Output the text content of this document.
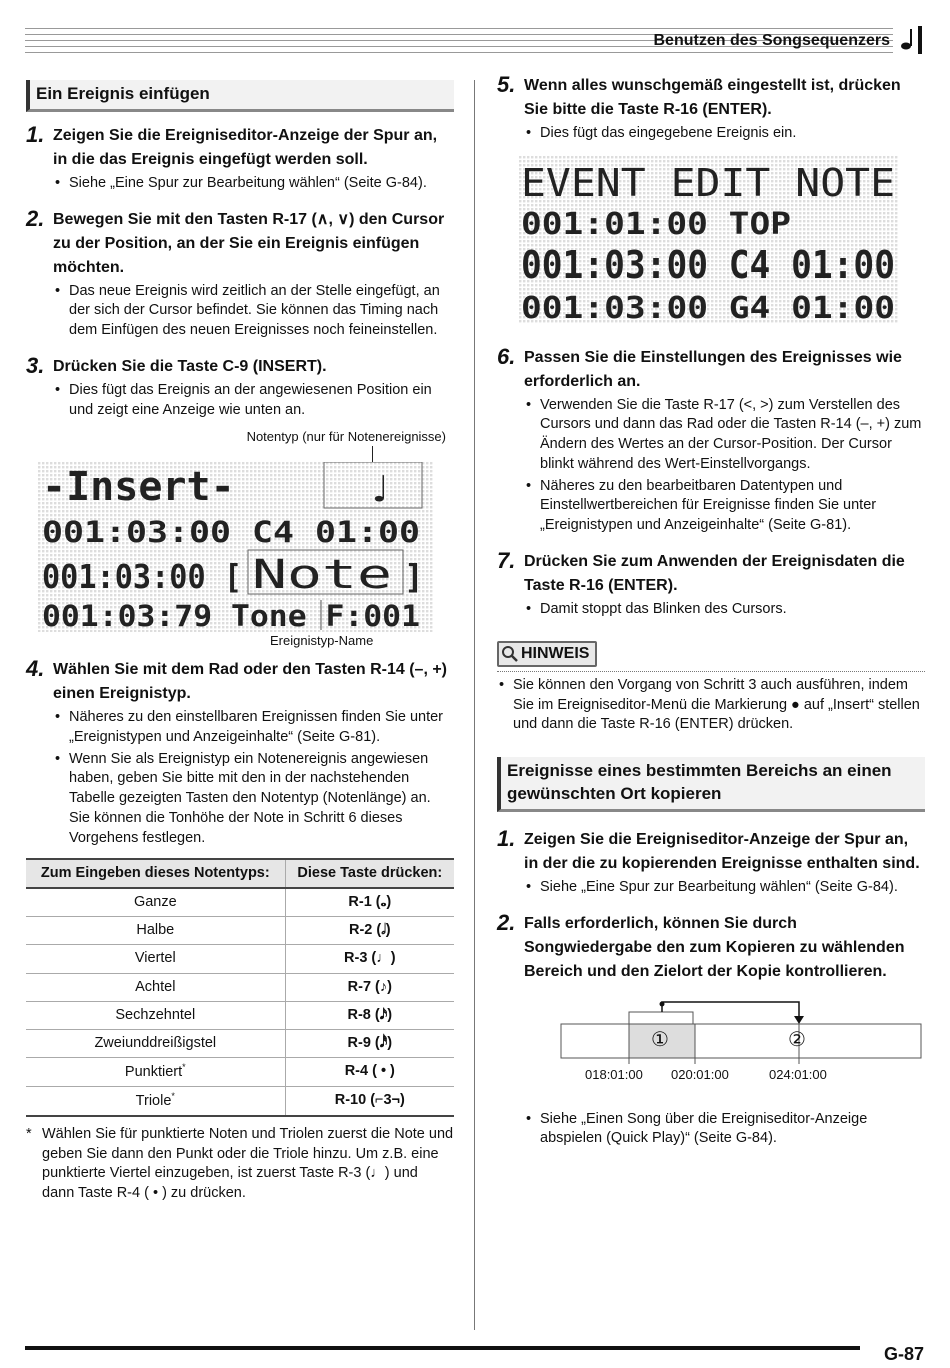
Benutzen des Songsequenzers
Ein Ereignis einfügen
1. Zeigen Sie die Ereigniseditor-Anzeige der Spur an, in die das Ereignis eingefügt werden soll.
• Siehe „Eine Spur zur Bearbeitung wählen“ (Seite G-84).
2. Bewegen Sie mit den Tasten R-17 (∧, ∨) den Cursor zu der Position, an der Sie ein Ereignis einfügen möchten.
• Das neue Ereignis wird zeitlich an der Stelle eingefügt, an der sich der Cursor befindet. Sie können das Timing nach dem Einfügen des neuen Ereignisses noch feineinstellen.
3. Drücken Sie die Taste C-9 (INSERT).
• Dies fügt das Ereignis an der angewiesenen Position ein und zeigt eine Anzeige wie unten an.
Notentyp (nur für Notenereignisse)
-Insert-	♩
001:03:00 C4 01:00
001:03:00 [ Note ]
001:03:79 Tone F:001
Ereignistyp-Name
4. Wählen Sie mit dem Rad oder den Tasten R-14 (–, +) einen Ereignistyp.
• Näheres zu den einstellbaren Ereignissen finden Sie unter „Ereignistypen und Anzeigeinhalte“ (Seite G-81).
• Wenn Sie als Ereignistyp ein Notenereignis angewiesen haben, geben Sie bitte mit den in der nachstehenden Tabelle gezeigten Tasten den Notentyp (Notenlänge) an. Sie können die Tonhöhe der Note in Schritt 6 dieses Vorgehens festlegen.
Zum Eingeben dieses Notentyps:	Diese Taste drücken:
Ganze	R-1 (𝅝)
Halbe	R-2 (𝅗𝅥)
Viertel	R-3 (♩)
Achtel	R-7 (♪)
Sechzehntel	R-8 (𝅘𝅥𝅯)
Zweiunddreißigstel	R-9 (𝅘𝅥𝅰)
Punktiert*	R-4 ( • )
Triole*	R-10 (⌐3¬)
* Wählen Sie für punktierte Noten und Triolen zuerst die Note und geben Sie dann den Punkt oder die Triole hinzu. Um z.B. eine punktierte Viertel einzugeben, ist zuerst Taste R-3 (♩) und dann Taste R-4 ( • ) zu drücken.
5. Wenn alles wunschgemäß eingestellt ist, drücken Sie bitte die Taste R-16 (ENTER).
• Dies fügt das eingegebene Ereignis ein.
EVENT EDIT NOTE
001:01:00 TOP
001:03:00 C4 01:00
001:03:00 G4 01:00
6. Passen Sie die Einstellungen des Ereignisses wie erforderlich an.
• Verwenden Sie die Taste R-17 (<, >) zum Verstellen des Cursors und dann das Rad oder die Tasten R-14 (–, +) zum Ändern des Wertes an der Cursor-Position. Der Cursor blinkt während des Wert-Einstellvorgangs.
• Näheres zu den bearbeitbaren Datentypen und Einstellwertbereichen für Ereignisse finden Sie unter „Ereignistypen und Anzeigeinhalte“ (Seite G-81).
7. Drücken Sie zum Anwenden der Ereignisdaten die Taste R-16 (ENTER).
• Damit stoppt das Blinken des Cursors.
HINWEIS
• Sie können den Vorgang von Schritt 3 auch ausführen, indem Sie im Ereigniseditor-Menü die Markierung ● auf „Insert“ stellen und dann die Taste R-16 (ENTER) drücken.
Ereignisse eines bestimmten Bereichs an einen gewünschten Ort kopieren
1. Zeigen Sie die Ereigniseditor-Anzeige der Spur an, in der die zu kopierenden Ereignisse enthalten sind.
• Siehe „Eine Spur zur Bearbeitung wählen“ (Seite G-84).
2. Falls erforderlich, können Sie durch Songwiedergabe den zum Kopieren zu wählenden Bereich und den Zielort der Kopie kontrollieren.
①	②
018:01:00 020:01:00	024:01:00
• Siehe „Einen Song über die Ereigniseditor-Anzeige abspielen (Quick Play)“ (Seite G-84).
G-87
